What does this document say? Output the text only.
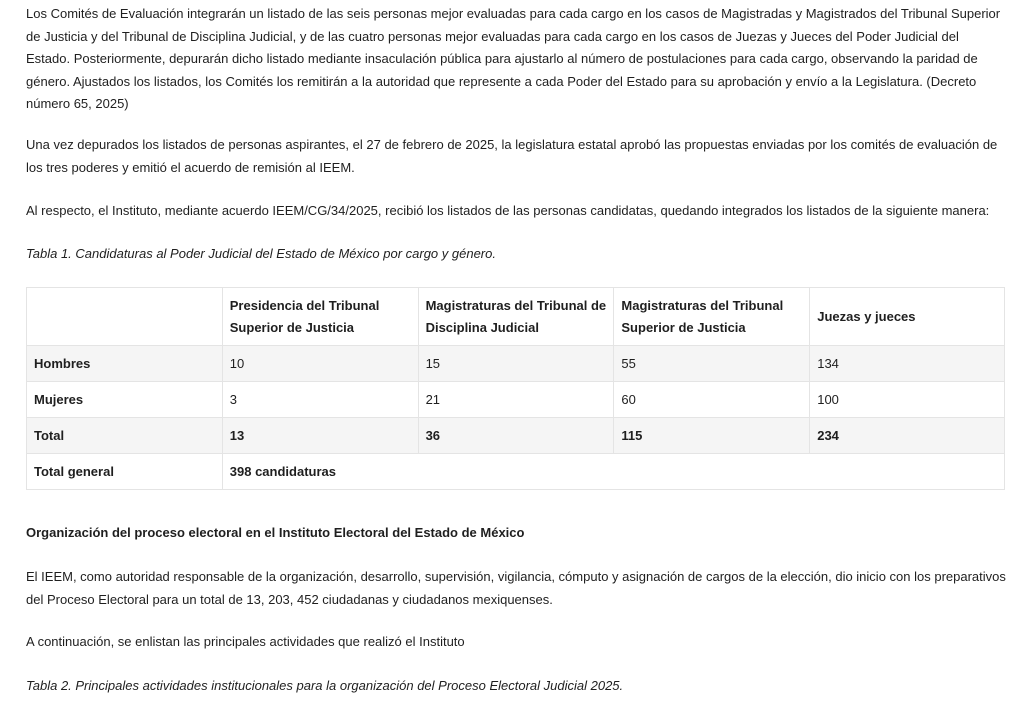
Los Comités de Evaluación integrarán un listado de las seis personas mejor evaluadas para cada cargo en los casos de Magistradas y Magistrados del Tribunal Superior de Justicia y del Tribunal de Disciplina Judicial, y de las cuatro personas mejor evaluadas para cada cargo en los casos de Juezas y Jueces del Poder Judicial del Estado. Posteriormente, depurarán dicho listado mediante insaculación pública para ajustarlo al número de postulaciones para cada cargo, observando la paridad de género. Ajustados los listados, los Comités los remitirán a la autoridad que represente a cada Poder del Estado para su aprobación y envío a la Legislatura. (Decreto número 65, 2025)

Una vez depurados los listados de personas aspirantes, el 27 de febrero de 2025, la legislatura estatal aprobó las propuestas enviadas por los comités de evaluación de los tres poderes y emitió el acuerdo de remisión al IEEM.

Al respecto, el Instituto, mediante acuerdo IEEM/CG/34/2025, recibió los listados de las personas candidatas, quedando integrados los listados de la siguiente manera:

Tabla 1. Candidaturas al Poder Judicial del Estado de México por cargo y género.

	Presidencia del Tribunal Superior de Justicia	Magistraturas del Tribunal de Disciplina Judicial	Magistraturas del Tribunal Superior de Justicia	Juezas y jueces
Hombres	10	15	55	134
Mujeres	3	21	60	100
Total	13	36	115	234
Total general	398 candidaturas			

Organización del proceso electoral en el Instituto Electoral del Estado de México

El IEEM, como autoridad responsable de la organización, desarrollo, supervisión, vigilancia, cómputo y asignación de cargos de la elección, dio inicio con los preparativos del Proceso Electoral para un total de 13, 203, 452 ciudadanas y ciudadanos mexiquenses.

A continuación, se enlistan las principales actividades que realizó el Instituto

Tabla 2. Principales actividades institucionales para la organización del Proceso Electoral Judicial 2025.
